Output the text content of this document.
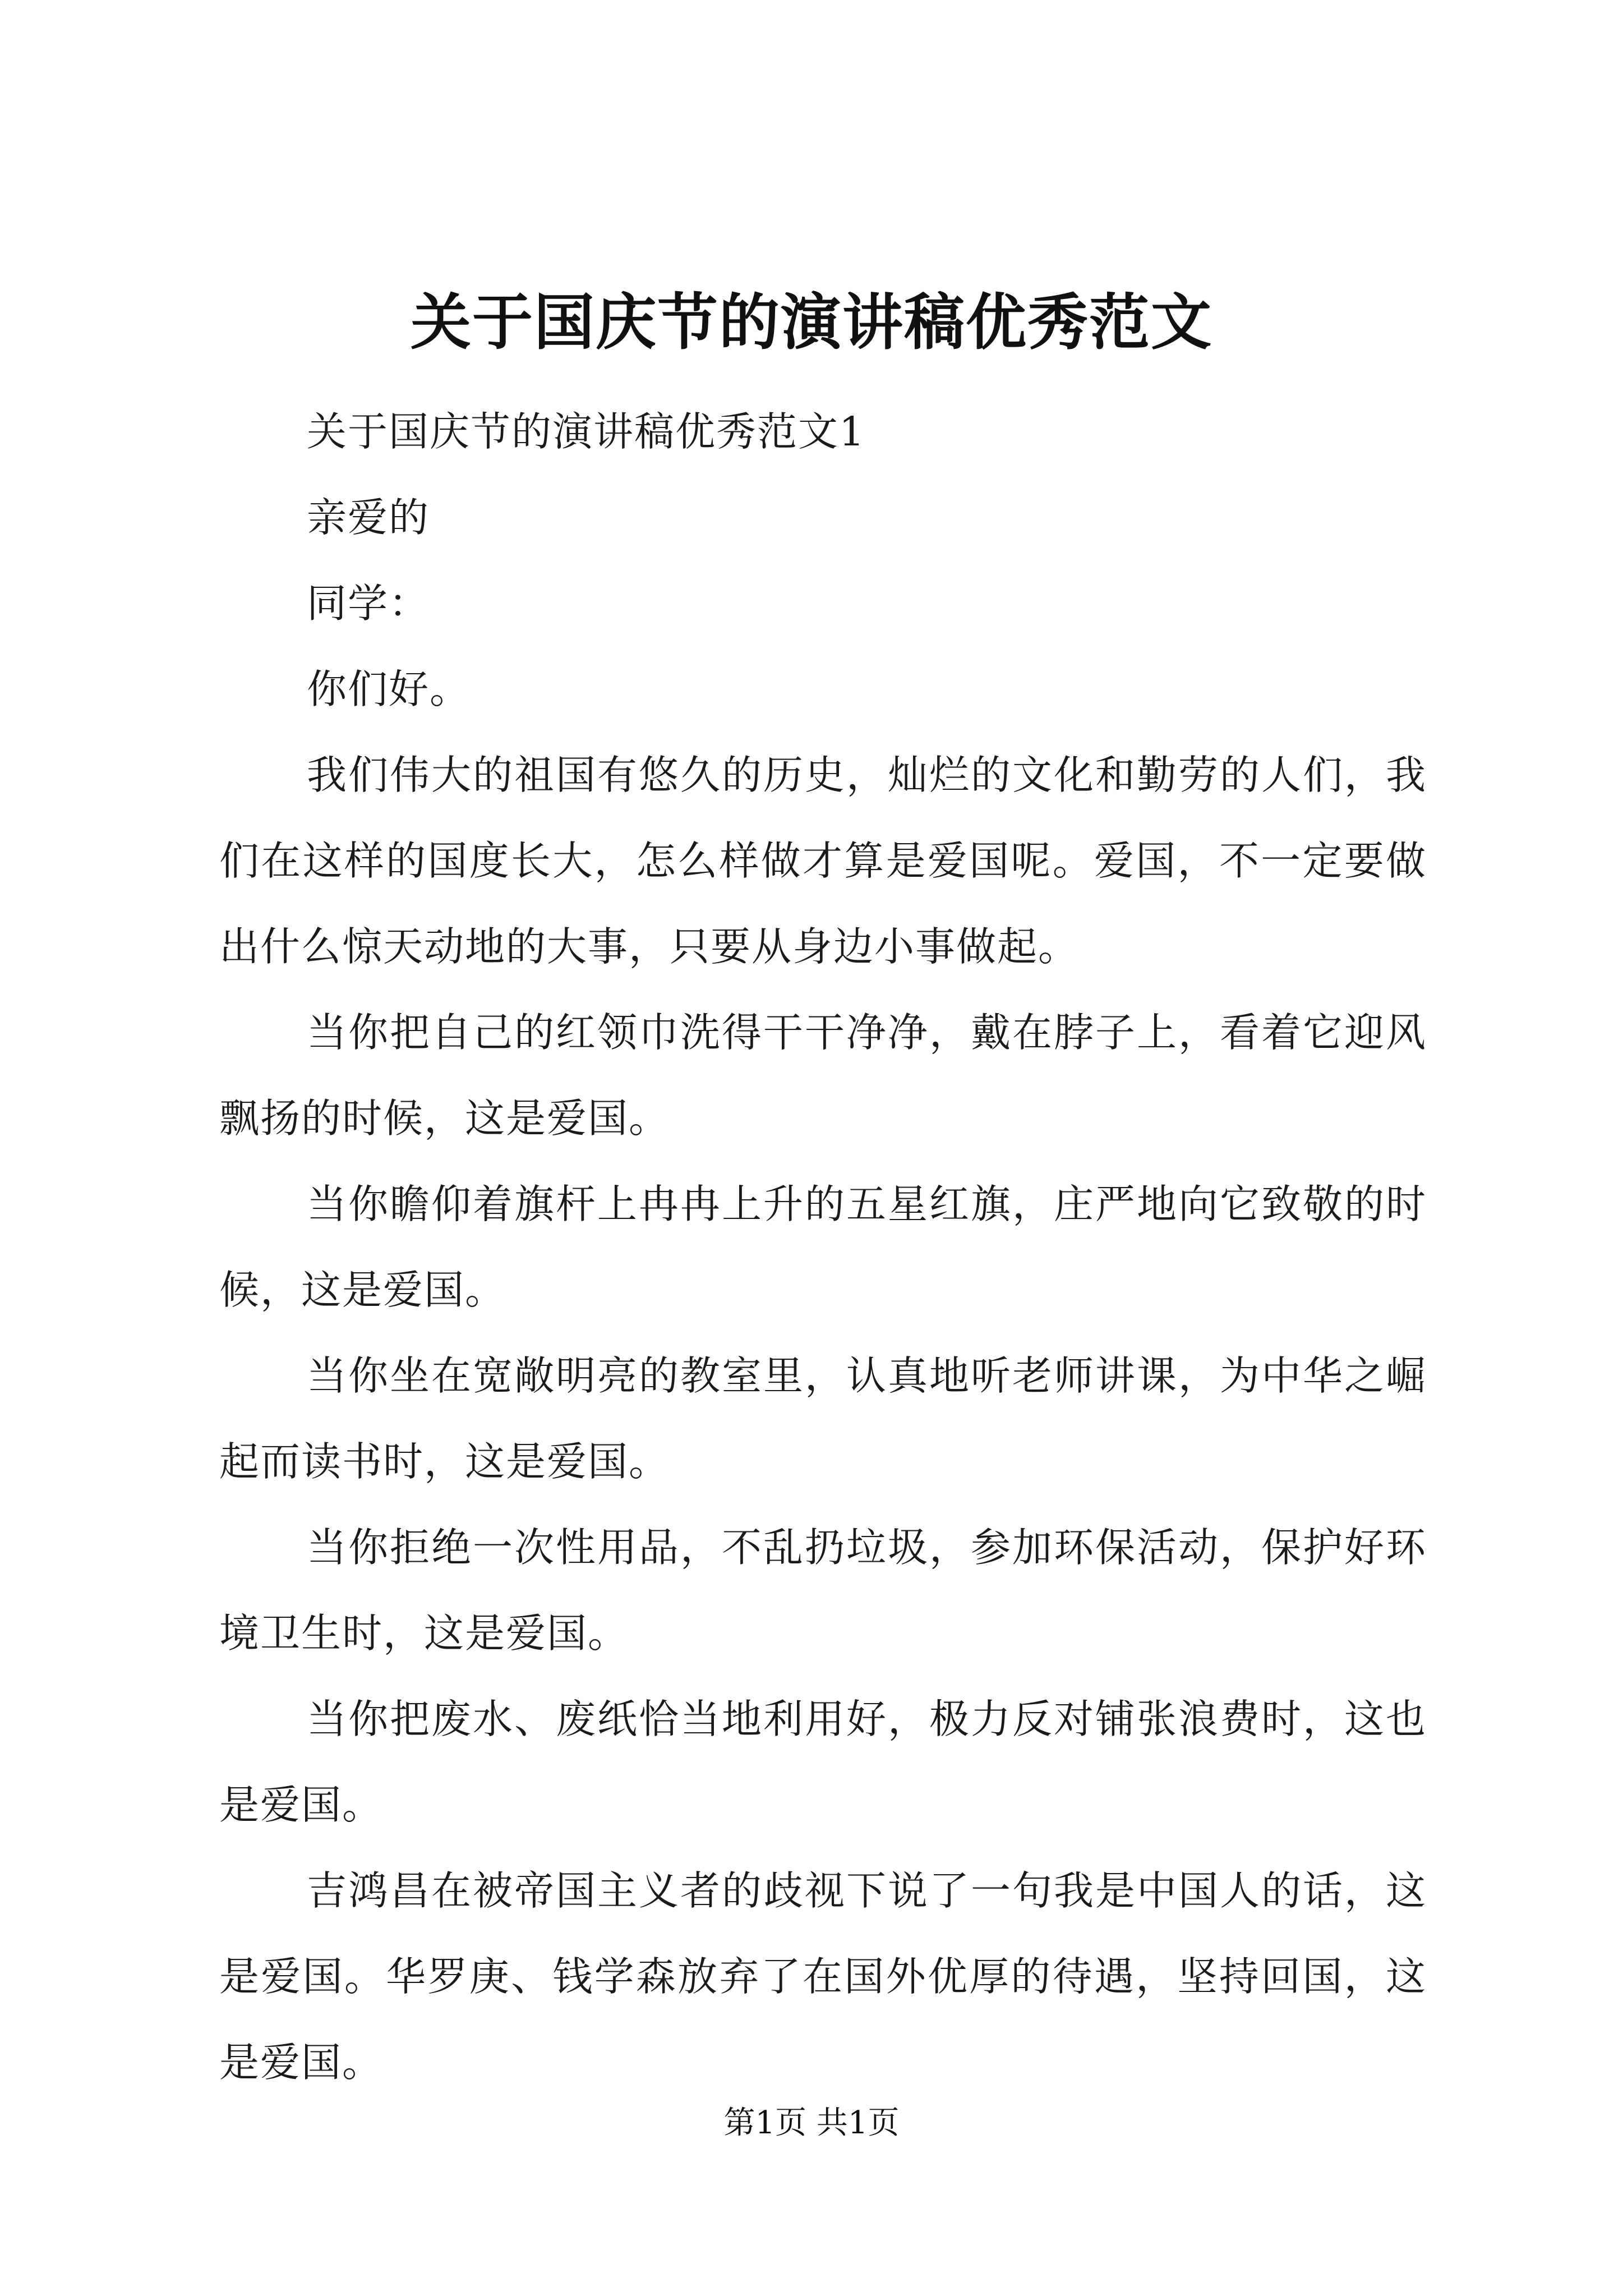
关于国庆节的演讲稿优秀范文

关于国庆节的演讲稿优秀范文1

亲爱的

同学：

你们好。

我们伟大的祖国有悠久的历史，灿烂的文化和勤劳的人们，我们在这样的国度长大，怎么样做才算是爱国呢。爱国，不一定要做出什么惊天动地的大事，只要从身边小事做起。

当你把自己的红领巾洗得干干净净，戴在脖子上，看着它迎风飘扬的时候，这是爱国。

当你瞻仰着旗杆上冉冉上升的五星红旗，庄严地向它致敬的时候，这是爱国。

当你坐在宽敞明亮的教室里，认真地听老师讲课，为中华之崛起而读书时，这是爱国。

当你拒绝一次性用品，不乱扔垃圾，参加环保活动，保护好环境卫生时，这是爱国。

当你把废水、废纸恰当地利用好，极力反对铺张浪费时，这也是爱国。

吉鸿昌在被帝国主义者的歧视下说了一句我是中国人的话，这是爱国。华罗庚、钱学森放弃了在国外优厚的待遇，坚持回国，这是爱国。

第1页 共1页
